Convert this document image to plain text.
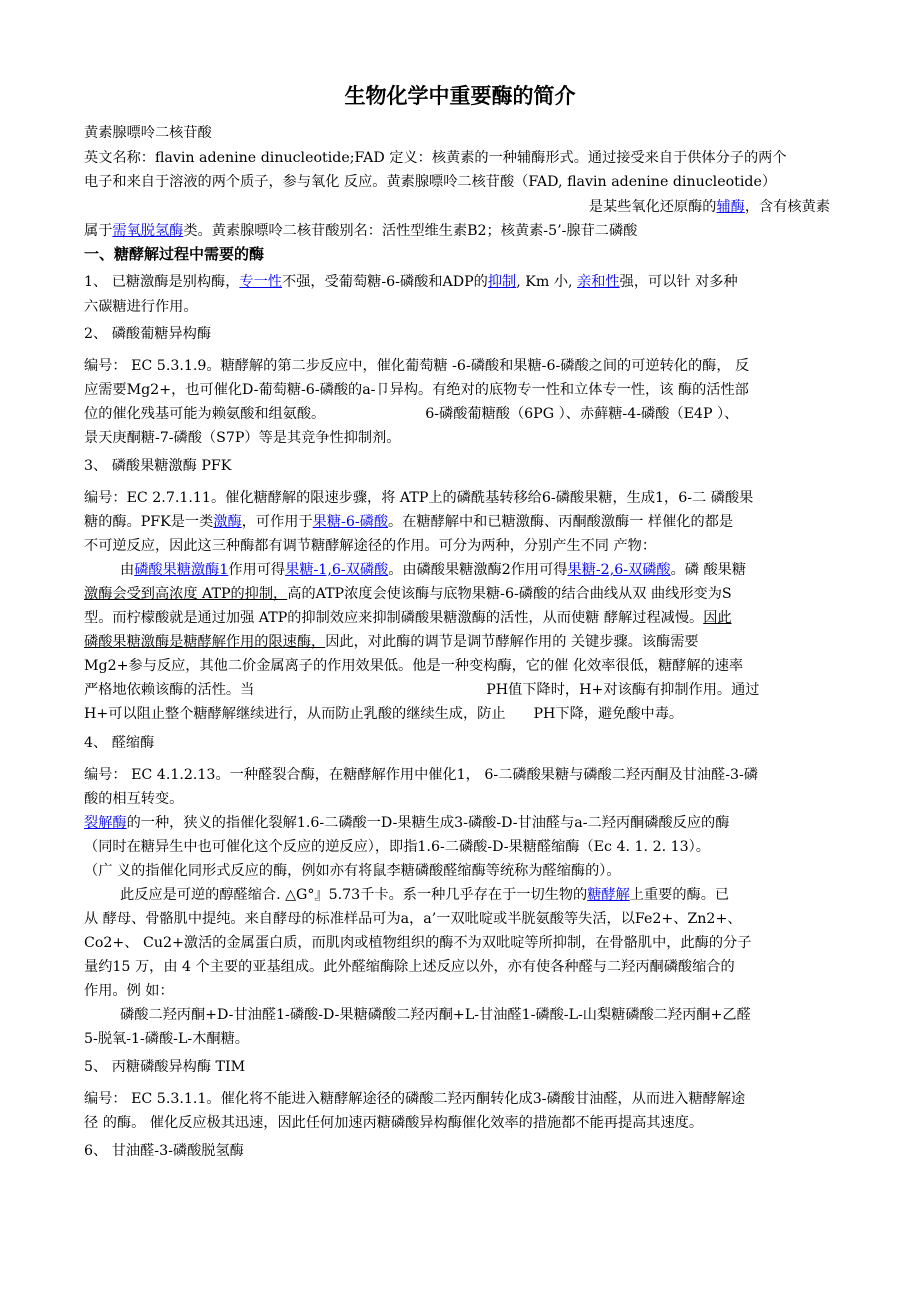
生物化学中重要酶的简介

黄素腺嘌呤二核苷酸

英文名称：flavin adenine dinucleotide;FAD 定义：核黄素的一种辅酶形式。通过接受来自于供体分子的两个

电子和来自于溶液的两个质子，参与氧化 反应。黄素腺嘌呤二核苷酸（FAD, flavin adenine dinucleotide）

是某些氧化还原酶的辅酶，含有核黄素

属于需氧脱氢酶类。黄素腺嘌呤二核苷酸别名：活性型维生素B2；核黄素-5’-腺苷二磷酸

一、糖酵解过程中需要的酶

1、 已糖激酶是别构酶，专一性不强，受葡萄糖-6-磷酸和ADP的抑制, Km 小, 亲和性强，可以针 对多种

六碳糖进行作用。

2、 磷酸葡糖异构酶

编号： EC 5.3.1.9。糖酵解的第二步反应中，催化葡萄糖 -6-磷酸和果糖-6-磷酸之间的可逆转化的酶， 反

应需要Mg2+，也可催化D-葡萄糖-6-磷酸的a-卩异构。有绝对的底物专一性和立体专一性，该 酶的活性部

位的催化残基可能为赖氨酸和组氨酸。	6-磷酸葡糖酸（6PG ）、赤藓糖-4-磷酸（E4P ）、

景天庚酮糖-7-磷酸（S7P）等是其竞争性抑制剂。

3、 磷酸果糖激酶 PFK

编号：EC 2.7.1.11。催化糖酵解的限速步骤，将 ATP上的磷酰基转移给6-磷酸果糖，生成1，6-二 磷酸果

糖的酶。PFK是一类激酶，可作用于果糖-6-磷酸。在糖酵解中和已糖激酶、丙酮酸激酶一 样催化的都是

不可逆反应，因此这三种酶都有调节糖酵解途径的作用。可分为两种，分别产生不同 产物：

由磷酸果糖激酶1作用可得果糖-1,6-双磷酸。由磷酸果糖激酶2作用可得果糖-2,6-双磷酸。磷 酸果糖

激酶会受到高浓度 ATP的抑制，高的ATP浓度会使该酶与底物果糖-6-磷酸的结合曲线从双 曲线形变为S

型。而柠檬酸就是通过加强 ATP的抑制效应来抑制磷酸果糖激酶的活性，从而使糖 酵解过程减慢。因此

磷酸果糖激酶是糖酵解作用的限速酶，因此，对此酶的调节是调节酵解作用的 关键步骤。该酶需要

Mg2+参与反应，其他二价金属离子的作用效果低。他是一种变构酶，它的催 化效率很低，糖酵解的速率

严格地依赖该酶的活性。当	PH值下降时，H+对该酶有抑制作用。通过

H+可以阻止整个糖酵解继续进行，从而防止乳酸的继续生成，防止 PH下降，避免酸中毒。

4、 醛缩酶

编号： EC 4.1.2.13。一种醛裂合酶，在糖酵解作用中催化1， 6-二磷酸果糖与磷酸二羟丙酮及甘油醛-3-磷

酸的相互转变。

裂解酶的一种，狭义的指催化裂解1.6-二磷酸一D-果糖生成3-磷酸-D-甘油醛与a-二羟丙酮磷酸反应的酶

（同时在糖异生中也可催化这个反应的逆反应），即指1.6-二磷酸-D-果糖醛缩酶（Ec 4. 1. 2. 13）。

（广 义的指催化同形式反应的酶，例如亦有将鼠李糖磷酸醛缩酶等统称为醛缩酶的）。

此反应是可逆的醇醛缩合. △G°』5.73千卡。系一种几乎存在于一切生物的糖酵解上重要的酶。已

从 酵母、骨骼肌中提纯。来自酵母的标准样品可为a，a’一双吡啶或半胱氨酸等失活，以Fe2+、Zn2+、

Co2+、 Cu2+激活的金属蛋白质，而肌肉或植物组织的酶不为双吡啶等所抑制，在骨骼肌中，此酶的分子

量约15 万，由 4 个主要的亚基组成。此外醛缩酶除上述反应以外，亦有使各种醛与二羟丙酮磷酸缩合的

作用。例 如：

磷酸二羟丙酮+D-甘油醛1-磷酸-D-果糖磷酸二羟丙酮+L-甘油醛1-磷酸-L-山梨糖磷酸二羟丙酮+乙醛

5-脱氧-1-磷酸-L-木酮糖。

5、 丙糖磷酸异构酶 TIM

编号： EC 5.3.1.1。催化将不能进入糖酵解途径的磷酸二羟丙酮转化成3-磷酸甘油醛，从而进入糖酵解途

径 的酶。 催化反应极其迅速，因此任何加速丙糖磷酸异构酶催化效率的措施都不能再提高其速度。

6、 甘油醛-3-磷酸脱氢酶
